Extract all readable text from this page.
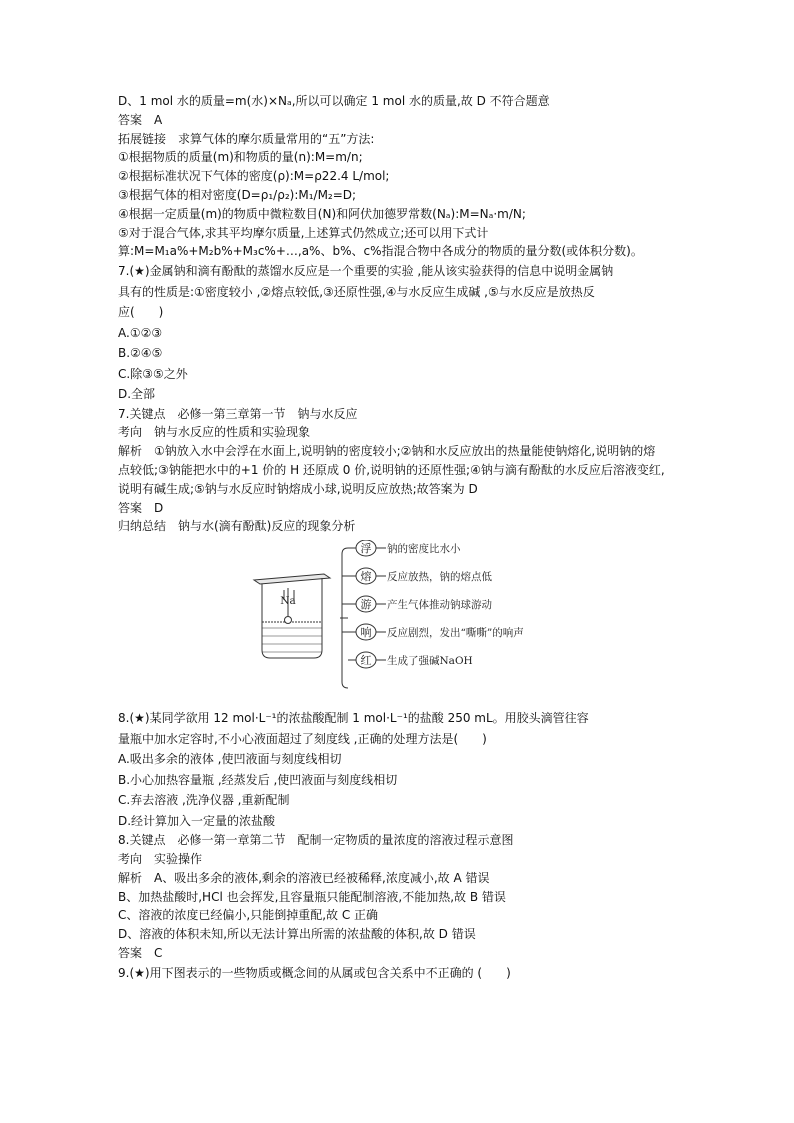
D、1 mol 水的质量=m(水)×Nₐ,所以可以确定 1 mol 水的质量,故 D 不符合题意
答案　A
拓展链接　求算气体的摩尔质量常用的“五”方法:
①根据物质的质量(m)和物质的量(n):M=m/n;
②根据标准状况下气体的密度(ρ):M=ρ22.4 L/mol;
③根据气体的相对密度(D=ρ₁/ρ₂):M₁/M₂=D;
④根据一定质量(m)的物质中微粒数目(N)和阿伏加德罗常数(Nₐ):M=Nₐ·m/N;
⑤对于混合气体,求其平均摩尔质量,上述算式仍然成立;还可以用下式计
算:M=M₁a%+M₂b%+M₃c%+…,a%、b%、c%指混合物中各成分的物质的量分数(或体积分数)。
7.(★)金属钠和滴有酚酞的蒸馏水反应是一个重要的实验 ,能从该实验获得的信息中说明金属钠
具有的性质是:①密度较小 ,②熔点较低,③还原性强,④与水反应生成碱 ,⑤与水反应是放热反
应(　　)
A.①②③
B.②④⑤
C.除③⑤之外
D.全部
7.关键点　必修一第三章第一节　钠与水反应
考向　钠与水反应的性质和实验现象
解析　①钠放入水中会浮在水面上,说明钠的密度较小;②钠和水反应放出的热量能使钠熔化,说明钠的熔
点较低;③钠能把水中的+1 价的 H 还原成 0 价,说明钠的还原性强;④钠与滴有酚酞的水反应后溶液变红,
说明有碱生成;⑤钠与水反应时钠熔成小球,说明反应放热;故答案为 D
答案　D
归纳总结　钠与水(滴有酚酞)反应的现象分析
Na
浮 钠的密度比水小
熔 反应放热，钠的熔点低
游 产生气体推动钠球游动
响 反应剧烈，发出“嘶嘶”的响声
红 生成了强碱NaOH
8.(★)某同学欲用 12 mol·L⁻¹的浓盐酸配制 1 mol·L⁻¹的盐酸 250 mL。用胶头滴管往容
量瓶中加水定容时,不小心液面超过了刻度线 ,正确的处理方法是(　　)
A.吸出多余的液体 ,使凹液面与刻度线相切
B.小心加热容量瓶 ,经蒸发后 ,使凹液面与刻度线相切
C.弃去溶液 ,洗净仪器 ,重新配制
D.经计算加入一定量的浓盐酸
8.关键点　必修一第一章第二节　配制一定物质的量浓度的溶液过程示意图
考向　实验操作
解析　A、吸出多余的液体,剩余的溶液已经被稀释,浓度减小,故 A 错误
B、加热盐酸时,HCl 也会挥发,且容量瓶只能配制溶液,不能加热,故 B 错误
C、溶液的浓度已经偏小,只能倒掉重配,故 C 正确
D、溶液的体积未知,所以无法计算出所需的浓盐酸的体积,故 D 错误
答案　C
9.(★)用下图表示的一些物质或概念间的从属或包含关系中不正确的 (　　)
